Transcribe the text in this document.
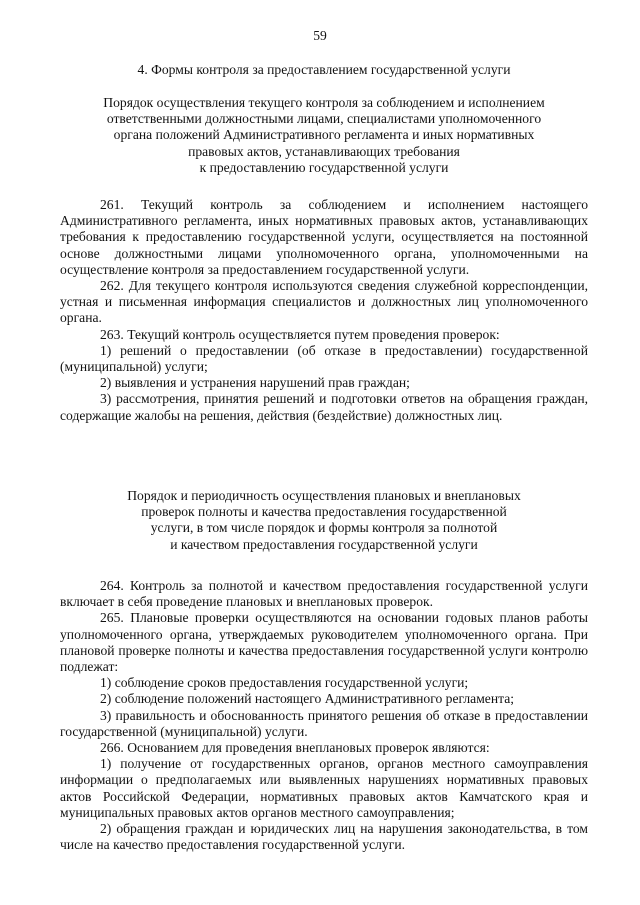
59
4. Формы контроля за предоставлением государственной услуги
Порядок осуществления текущего контроля за соблюдением и исполнением
ответственными должностными лицами, специалистами уполномоченного
органа положений Административного регламента и иных нормативных
правовых актов, устанавливающих требования
к предоставлению государственной услуги

261. Текущий контроль за соблюдением и исполнением настоящего Административного регламента, иных нормативных правовых актов, устанавливающих требования к предоставлению государственной услуги, осуществляется на постоянной основе должностными лицами уполномоченного органа, уполномоченными на осуществление контроля за предоставлением государственной услуги.

262. Для текущего контроля используются сведения служебной корреспонденции, устная и письменная информация специалистов и должностных лиц уполномоченного органа.

263. Текущий контроль осуществляется путем проведения проверок:

1) решений о предоставлении (об отказе в предоставлении) государственной (муниципальной) услуги;

2) выявления и устранения нарушений прав граждан;

3) рассмотрения, принятия решений и подготовки ответов на обращения граждан, содержащие жалобы на решения, действия (бездействие) должностных лиц.

Порядок и периодичность осуществления плановых и внеплановых
проверок полноты и качества предоставления государственной
услуги, в том числе порядок и формы контроля за полнотой
и качеством предоставления государственной услуги

264. Контроль за полнотой и качеством предоставления государственной услуги включает в себя проведение плановых и внеплановых проверок.

265. Плановые проверки осуществляются на основании годовых планов работы уполномоченного органа, утверждаемых руководителем уполномоченного органа. При плановой проверке полноты и качества предоставления государственной услуги контролю подлежат:

1) соблюдение сроков предоставления государственной услуги;

2) соблюдение положений настоящего Административного регламента;

3) правильность и обоснованность принятого решения об отказе в предоставлении государственной (муниципальной) услуги.

266. Основанием для проведения внеплановых проверок являются:

1) получение от государственных органов, органов местного самоуправления информации о предполагаемых или выявленных нарушениях нормативных правовых актов Российской Федерации, нормативных правовых актов Камчатского края и муниципальных правовых актов органов местного самоуправления;

2) обращения граждан и юридических лиц на нарушения законодательства, в том числе на качество предоставления государственной услуги.
